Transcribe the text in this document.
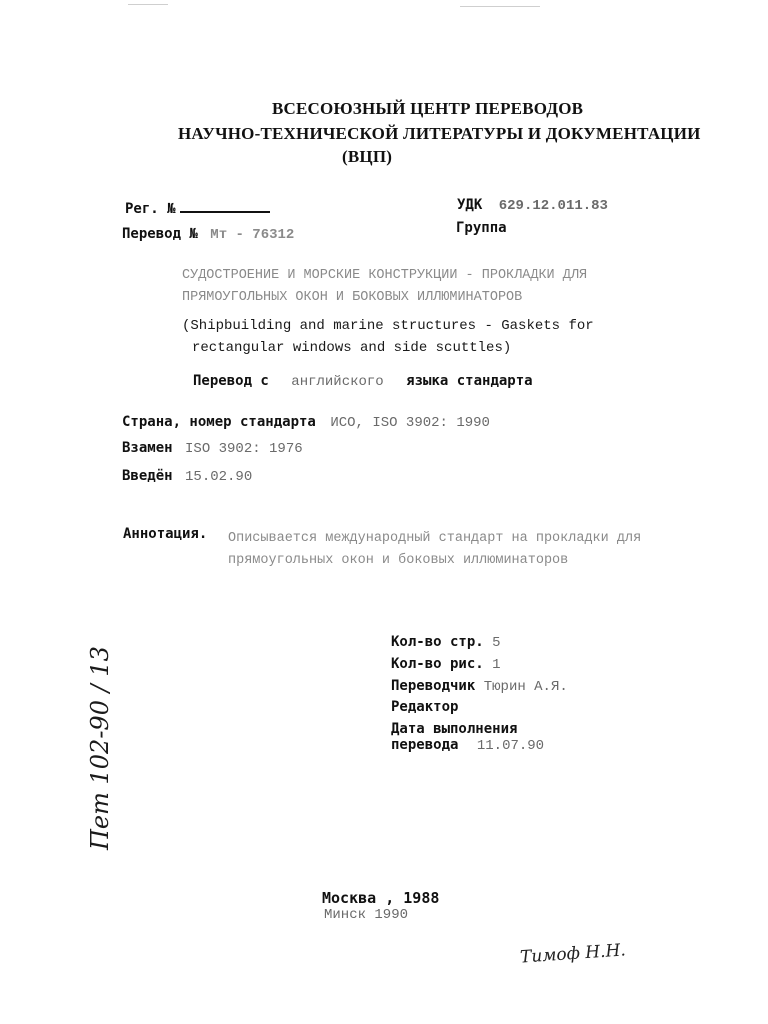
ВСЕСОЮЗНЫЙ ЦЕНТР ПЕРЕВОДОВ
НАУЧНО-ТЕХНИЧЕСКОЙ ЛИТЕРАТУРЫ И ДОКУМЕНТАЦИИ
(ВЦП)
Рег. №
Перевод № Мт - 76312
УДК 629.12.011.83
Группа
СУДОСТРОЕНИЕ И МОРСКИЕ КОНСТРУКЦИИ - ПРОКЛАДКИ ДЛЯ
ПРЯМОУГОЛЬНЫХ ОКОН И БОКОВЫХ ИЛЛЮМИНАТОРОВ
(Shipbuilding and marine structures - Gaskets for
rectangular windows and side scuttles)
Перевод с английского языка стандарта
Страна, номер стандарта ИСО, ISO 3902: 1990
Взамен ISO 3902: 1976
Введён 15.02.90
Аннотация. Описывается международный стандарт на прокладки для
прямоугольных окон и боковых иллюминаторов
Кол-во стр. 5
Кол-во рис. 1
Переводчик Тюрин А.Я.
Редактор
Дата выполнения
перевода 11.07.90
Пет 102-90 / 13
Москва , 1988
Минск 1990
Тимоф Н.Н.
